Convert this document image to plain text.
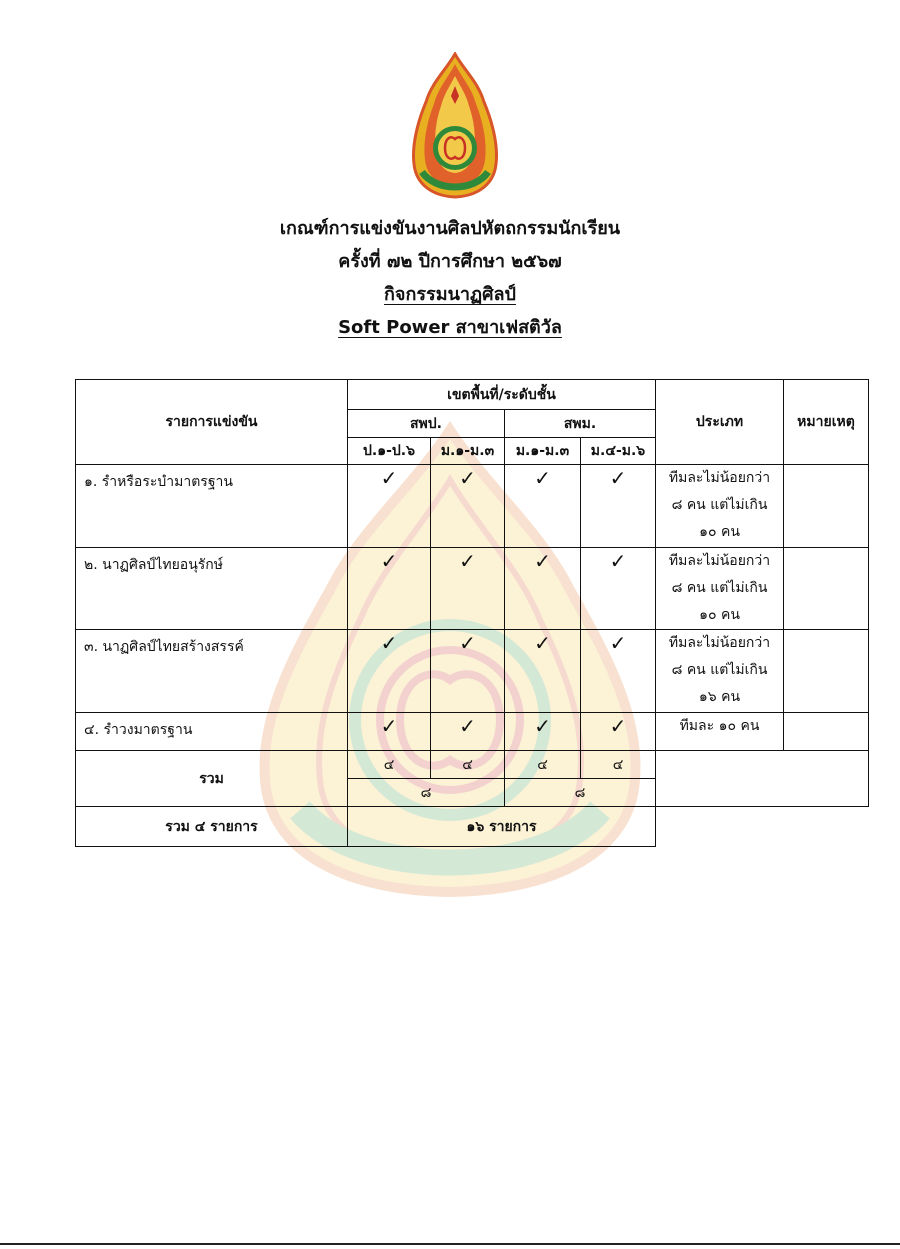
เกณฑ์การแข่งขันงานศิลปหัตถกรรมนักเรียน
ครั้งที่ ๗๒ ปีการศึกษา ๒๕๖๗
กิจกรรมนาฏศิลป์
Soft Power สาขาเฟสติวัล
รายการแข่งขัน	เขตพื้นที่/ระดับชั้น				ประเภท	หมายเหตุ
	สพป.		สพม.			
	ป.๑-ป.๖	ม.๑-ม.๓	ม.๑-ม.๓	ม.๔-ม.๖		
๑. รำหรือระบำมาตรฐาน	✓	✓	✓	✓	ทีมละไม่น้อยกว่า
๘ คน แต่ไม่เกิน
๑๐ คน	

๒. นาฏศิลป์ไทยอนุรักษ์	✓	✓	✓	✓	ทีมละไม่น้อยกว่า
๘ คน แต่ไม่เกิน
๑๐ คน	

๓. นาฏศิลป์ไทยสร้างสรรค์	✓	✓	✓	✓	ทีมละไม่น้อยกว่า
๘ คน แต่ไม่เกิน
๑๖ คน	

๔. รำวงมาตรฐาน	✓	✓	✓	✓	ทีมละ ๑๐ คน	

รวม	๔	๔	๔	๔		
	๘		๘			
รวม ๔ รายการ	๑๖ รายการ					
